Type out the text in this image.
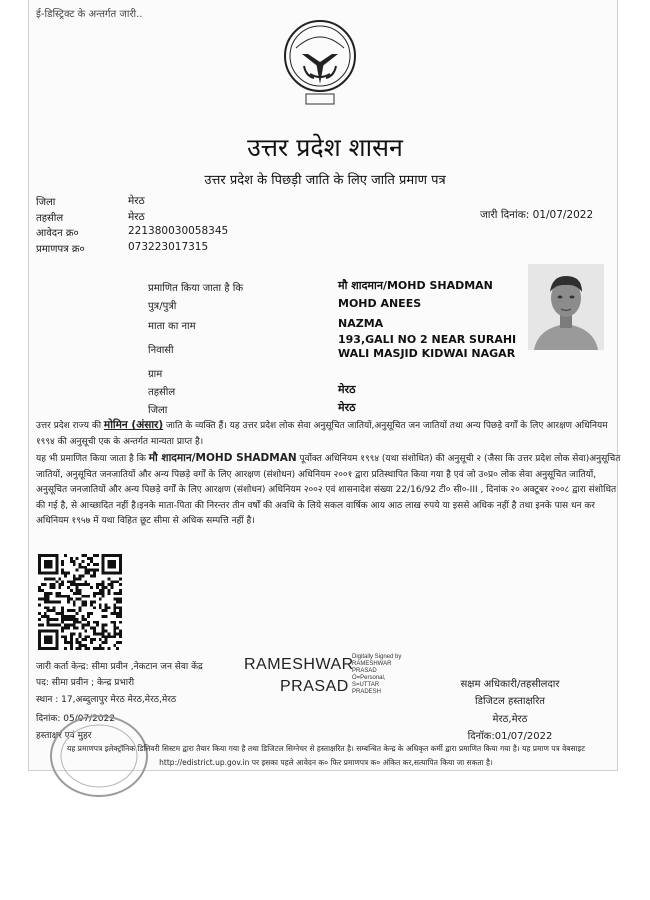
ई-डिस्ट्रिक्ट के अन्तर्गत जारी..
उत्तर प्रदेश शासन
उत्तर प्रदेश के पिछड़ी जाति के लिए जाति प्रमाण पत्र
जिला	मेरठ
तहसील	मेरठ
आवेदन क्र०	221380030058345
प्रमाणपत्र क्र०	073223017315
जारी दिनांक: 01/07/2022
प्रमाणित किया जाता है कि	मौ शादमान/MOHD SHADMAN
पुत्र/पुत्री	MOHD ANEES
माता का नाम	NAZMA
निवासी
193,GALI NO 2 NEAR SURAHI
WALI MASJID KIDWAI NAGAR
ग्राम
तहसील	मेरठ
जिला	मेरठ
उत्तर प्रदेश राज्य की मोमिन (अंसार) जाति के व्यक्ति हैं। यह उत्तर प्रदेश लोक सेवा अनुसूचित जातियों,अनुसूचित जन जातियों तथा अन्य पिछड़े वर्गों के लिए आरक्षण अधिनियम १९९४ की अनुसूची एक के अन्तर्गत मान्यता प्राप्त है।
यह भी प्रमाणित किया जाता है कि मौ शादमान/MOHD SHADMAN पूर्वोक्त अधिनियम १९९४ (यथा संशोधित) की अनुसूची २ (जैसा कि उत्तर प्रदेश लोक सेवा)अनुसूचित जातियों, अनुसूचित जनजातियों और अन्य पिछड़े वर्गों के लिए आरक्षण (संशोधन) अधिनियम २००१ द्वारा प्रतिस्थापित किया गया है एवं जो उ०प्र० लोक सेवा अनुसूचित जातियों, अनुसूचित जनजातियों और अन्य पिछड़े वर्गों के लिए आरक्षण (संशोधन) अधिनियम २००२ एवं शासनादेश संख्या 22/16/92 टी० सी०-III , दिनांक २० अक्टूबर २००८ द्वारा संशोधित की गई है, से आच्छादित नहीं है।इनके माता-पिता की निरन्तर तीन वर्षों की अवधि के लिये सकल वार्षिक आय आठ लाख रुपये या इससे अधिक नहीं है तथा इनके पास धन कर अधिनियम १९५७ में यथा विहित छूट सीमा से अधिक सम्पत्ति नहीं है।
जारी कर्ता केन्द्र: सीमा प्रवीन ,नेकटान जन सेवा केंद्र
पद: सीमा प्रवीन ; केन्द्र प्रभारी
स्थान : 17,अब्दुलापुर मेरठ मेरठ,मेरठ,मेरठ
दिनांक: 05/07/2022
हस्ताक्षर एवं मुहर
RAMESHWAR
PRASAD
Digitally Signed by
RAMESHWAR
PRASAD
O=Personal,
S=UTTAR
PRADESH
सक्षम अधिकारी/तहसीलदार
डिजिटल हस्ताक्षरित
मेरठ,मेरठ
दिनॉक:01/07/2022
यह प्रमाणपत्र इलेक्ट्रॉनिक डिलिवरी सिस्टम द्वारा तैयार किया गया है तथा डिजिटल सिग्नेचर से हस्ताक्षरित है। सम्बन्धित केन्द्र के अधिकृत कर्मी द्वारा प्रमाणित किया गया है। यह प्रमाण पत्र वेबसाइट
http://edistrict.up.gov.in पर इसका पहले आवेदन क० फिर प्रमाणपत्र क० अंकित कर,सत्यापित किया जा सकता है।
